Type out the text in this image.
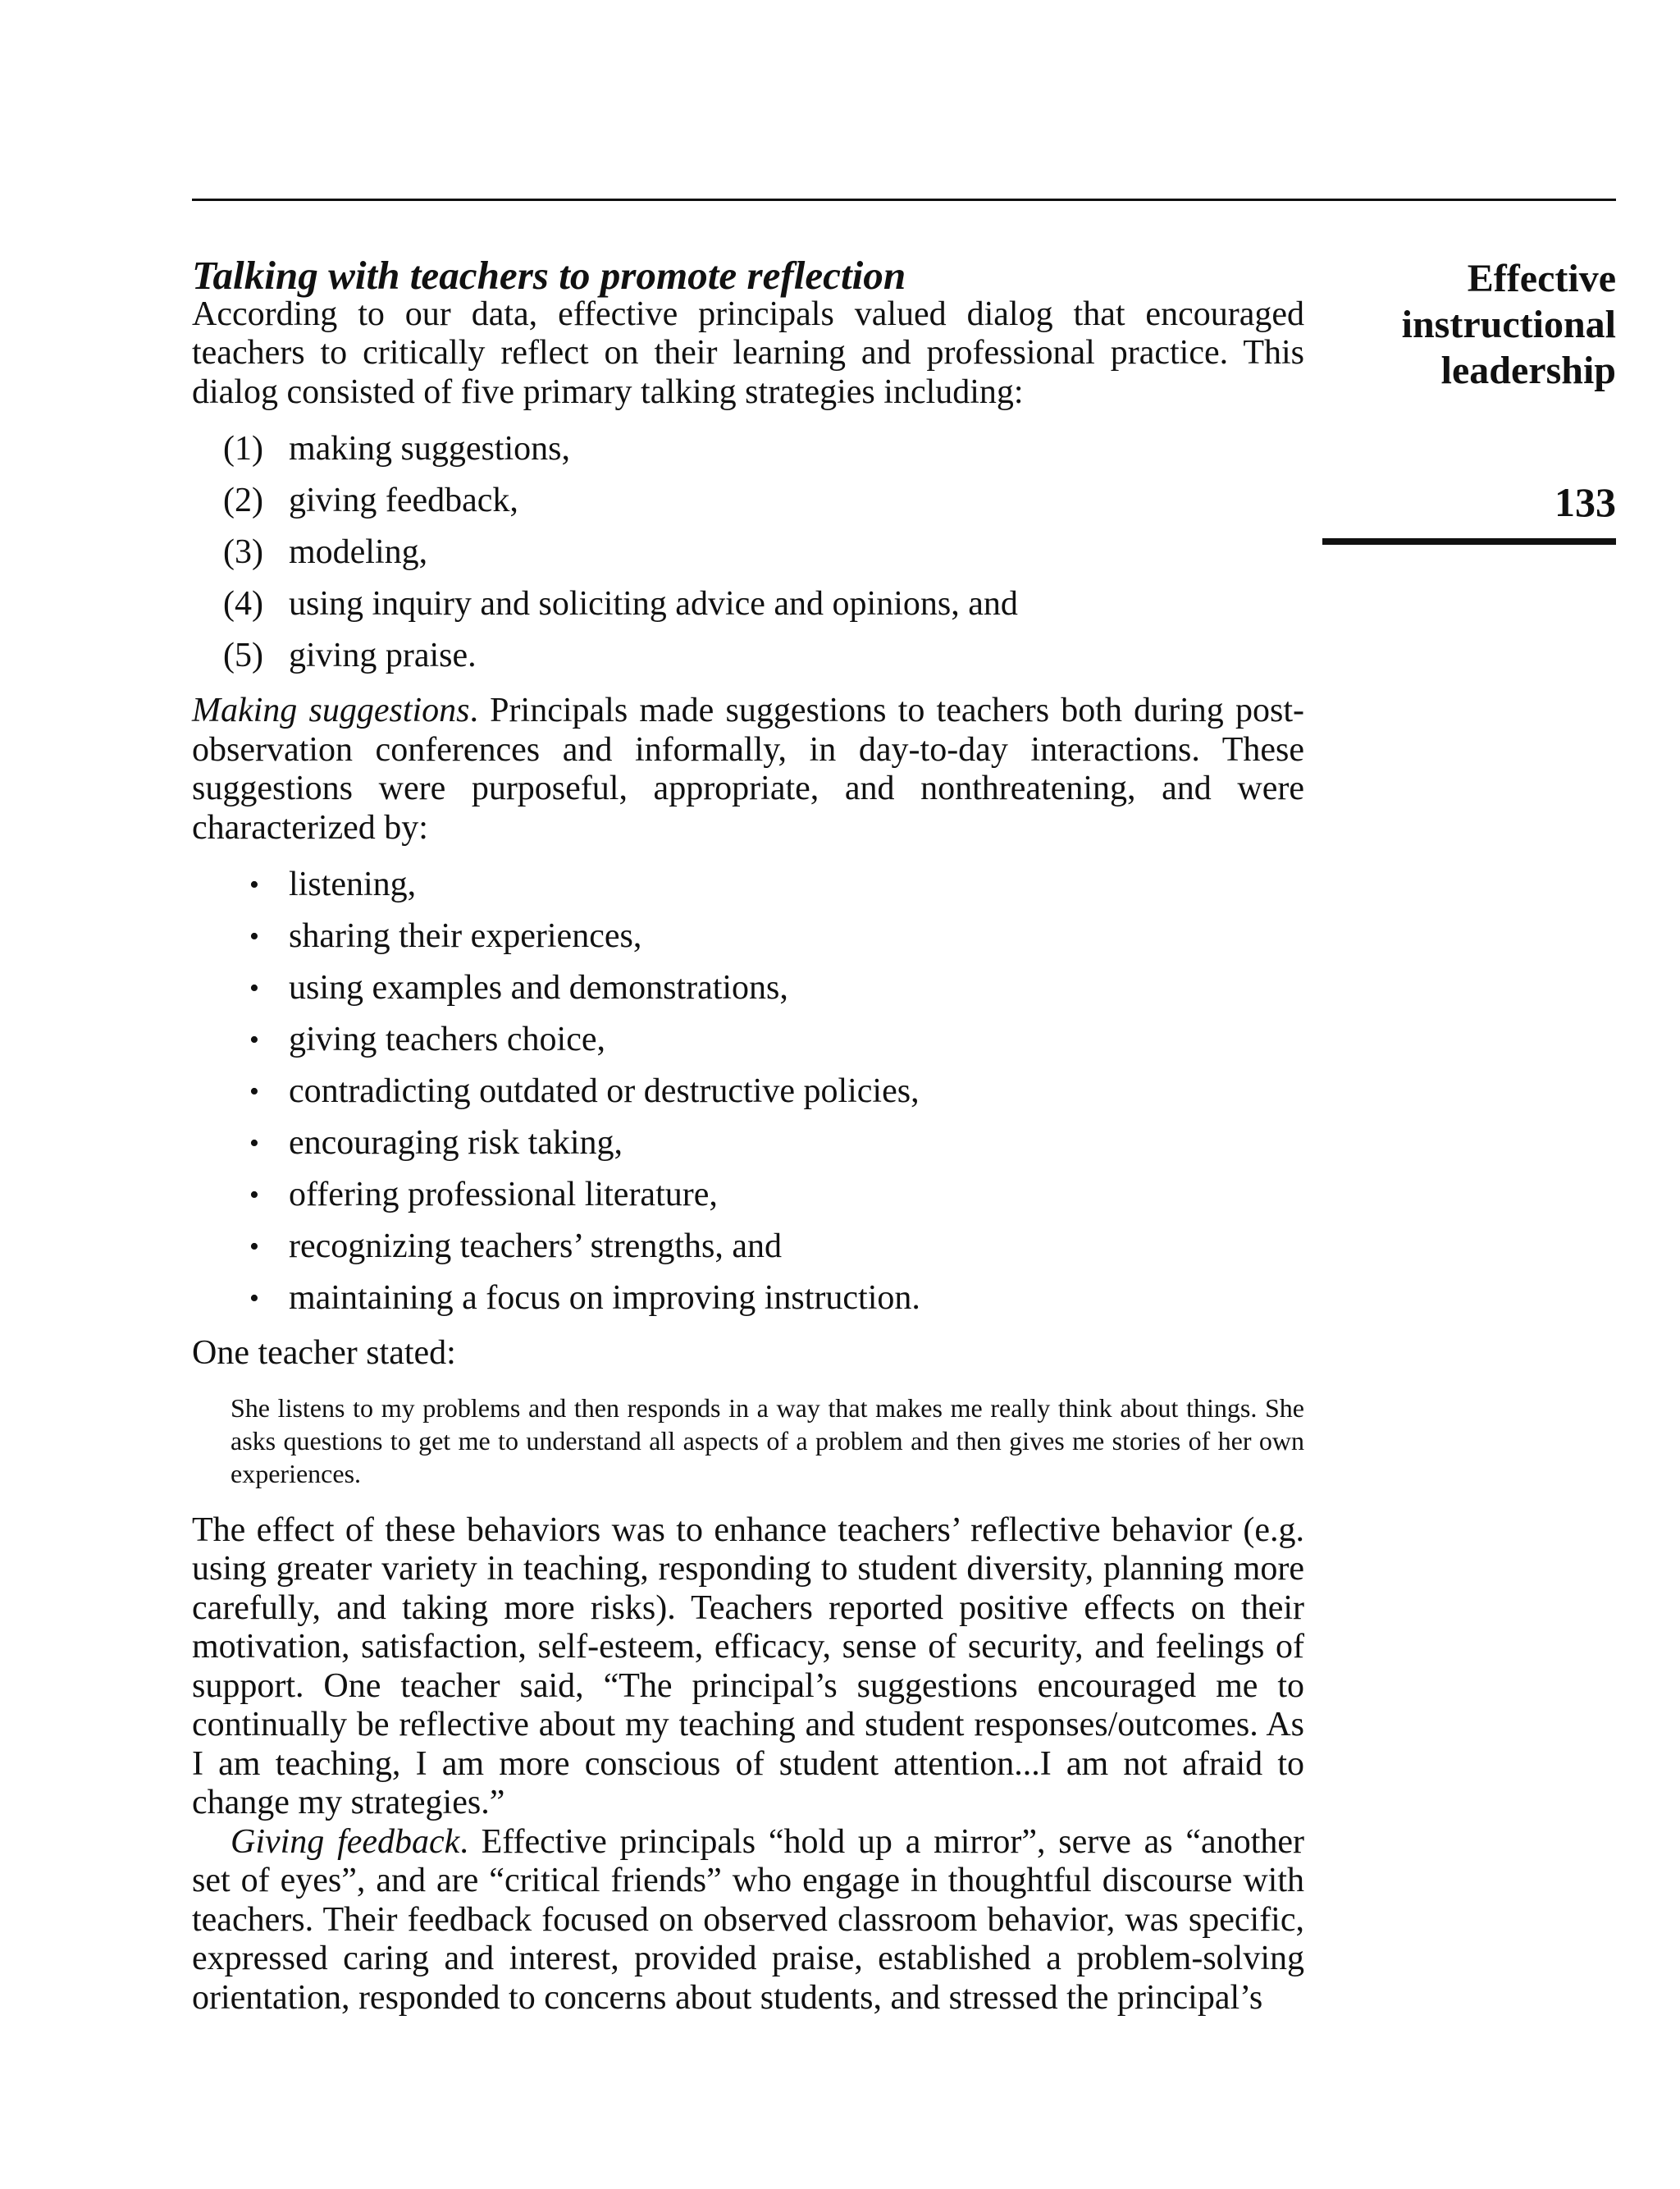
Effective
instructional
leadership
133
Talking with teachers to promote reflection

According to our data, effective principals valued dialog that encouraged teachers to critically reflect on their learning and professional practice. This dialog consisted of five primary talking strategies including:

(1) making suggestions,
(2) giving feedback,
(3) modeling,
(4) using inquiry and soliciting advice and opinions, and
(5) giving praise.

Making suggestions. Principals made suggestions to teachers both during post-observation conferences and informally, in day-to-day interactions. These suggestions were purposeful, appropriate, and nonthreatening, and were characterized by:

• listening,
• sharing their experiences,
• using examples and demonstrations,
• giving teachers choice,
• contradicting outdated or destructive policies,
• encouraging risk taking,
• offering professional literature,
• recognizing teachers’ strengths, and
• maintaining a focus on improving instruction.

One teacher stated:

She listens to my problems and then responds in a way that makes me really think about things. She asks questions to get me to understand all aspects of a problem and then gives me stories of her own experiences.

The effect of these behaviors was to enhance teachers’ reflective behavior (e.g. using greater variety in teaching, responding to student diversity, planning more carefully, and taking more risks). Teachers reported positive effects on their motivation, satisfaction, self-esteem, efficacy, sense of security, and feelings of support. One teacher said, “The principal’s suggestions encouraged me to continually be reflective about my teaching and student responses/outcomes. As I am teaching, I am more conscious of student attention...I am not afraid to change my strategies.”

Giving feedback. Effective principals “hold up a mirror”, serve as “another set of eyes”, and are “critical friends” who engage in thoughtful discourse with teachers. Their feedback focused on observed classroom behavior, was specific, expressed caring and interest, provided praise, established a problem-solving orientation, responded to concerns about students, and stressed the principal’s
